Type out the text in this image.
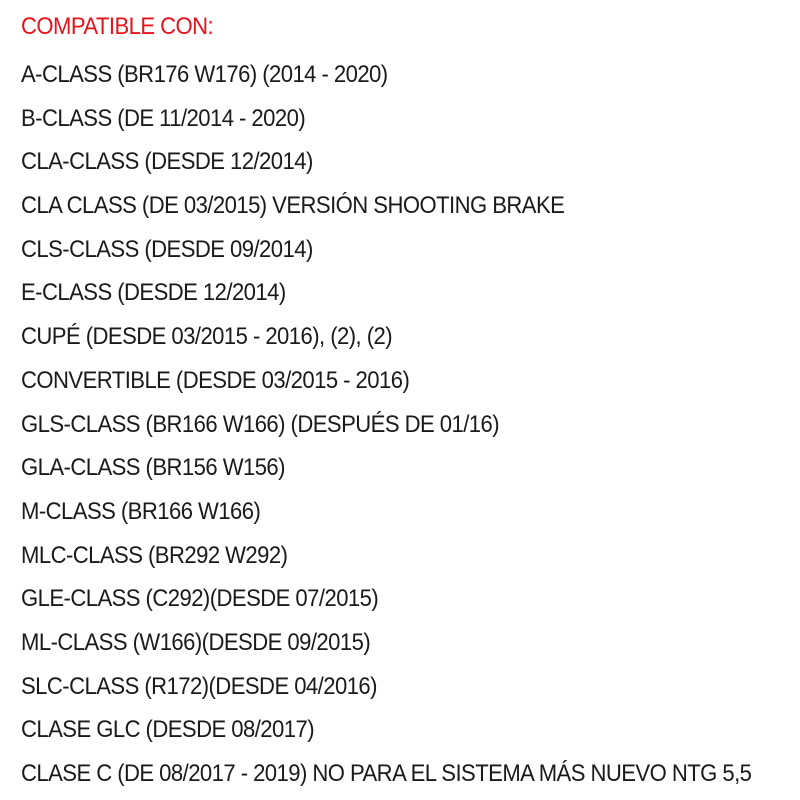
COMPATIBLE CON:
A-CLASS (BR176 W176) (2014 - 2020)
B-CLASS (DE 11/2014 - 2020)
CLA-CLASS (DESDE 12/2014)
CLA CLASS (DE 03/2015) VERSIÓN SHOOTING BRAKE
CLS-CLASS (DESDE 09/2014)
E-CLASS (DESDE 12/2014)
CUPÉ (DESDE 03/2015 - 2016), (2), (2)
CONVERTIBLE (DESDE 03/2015 - 2016)
GLS-CLASS (BR166 W166) (DESPUÉS DE 01/16)
GLA-CLASS (BR156 W156)
M-CLASS (BR166 W166)
MLC-CLASS (BR292 W292)
GLE-CLASS (C292)(DESDE 07/2015)
ML-CLASS (W166)(DESDE 09/2015)
SLC-CLASS (R172)(DESDE 04/2016)
CLASE GLC (DESDE 08/2017)
CLASE C (DE 08/2017 - 2019) NO PARA EL SISTEMA MÁS NUEVO NTG 5,5
